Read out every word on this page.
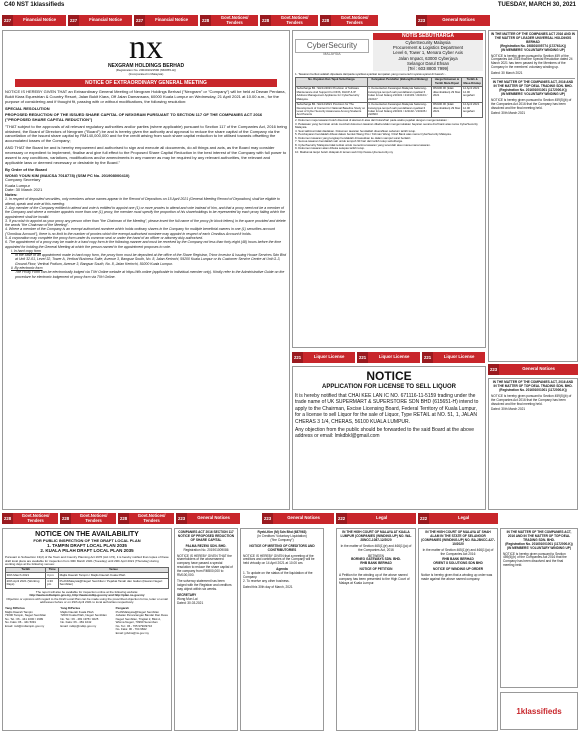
C40 NST 1klassifieds	TUESDAY, MARCH 30, 2021
227	Financial Notice	227	Financial Notice	227	Financial Notice	228
Govt.Notices/ Tenders	228
Govt.Notices/ Tenders	228
Govt.Notices/ Tenders	223	General Notices
nx
NEXGRAM HOLDINGS BERHAD
(Registration No. 200401021590 (660055-H))
(Incorporated in Malaysia)
NOTICE OF EXTRAORDINARY GENERAL MEETING
NOTICE IS HEREBY GIVEN THAT an Extraordinary General Meeting of Nexgram Holdings Berhad ("Nexgram" or "Company") will be held at Dewan Perdana, Bukit Kiara Equestrian & Country Resort, Jalan Bukit Kiara, Off Jalan Damansara, 60000 Kuala Lumpur on Wednesday, 21 April 2021 at 10.00 a.m., for the purpose of considering and if thought fit, passing with or without modifications, the following resolution:
SPECIAL RESOLUTION
PROPOSED REDUCTION OF THE ISSUED SHARE CAPITAL OF NEXGRAM PURSUANT TO SECTION 117 OF THE COMPANIES ACT 2016 ("PROPOSED SHARE CAPITAL REDUCTION")
"THAT subject to the approvals of all relevant regulatory authorities and/or parties (where applicable) pursuant to Section 117 of the Companies Act, 2016 being obtained, the Board of Directors of Nexgram ("Board") be and is hereby given the authority and approval to reduce the share capital of the Company via the cancellation of the issued share capital by RM140,000,000 and for the credit arising from such share capital reduction to be utilised towards offsetting the accumulated losses of the Company;
AND THAT the Board be and is hereby empowered and authorised to sign and execute all documents, do all things and acts, as the Board may consider necessary or expedient to implement, finalise and give full effect to the Proposed Share Capital Reduction in the best interest of the Company with full power to assent to any conditions, variations, modifications and/or amendments in any manner as may be required by any relevant authorities, the relevant and applicable laws or deemed necessary or desirable by the Board."
By Order of the Board
WONG YOUN KIM (MAICSA 7018778) (SSM PC No. 201908000410)
Company Secretary
Kuala Lumpur
Date: 30 March 2021
Notes:
1. In respect of deposited securities, only members whose names appear in the Record of Depositors on 15 April 2021 (General Meeting Record of Depositors) shall be eligible to attend, speak and vote at this meeting.
2. Any member of the Company entitled to attend and vote is entitled to appoint one (1) or more proxies to attend and vote instead of him, and that a proxy need not be a member of the Company and where a member appoints more than one (1) proxy, the member must specify the proportion of his shareholdings to be represented by each proxy failing which the appointment shall be invalid.
3. If you wish to appoint as your proxy any person other than "the Chairman of the Meeting", please insert the full name of the proxy (in block letters) in the space provided and delete the words "the Chairman of the Meeting".
4. Where a member of the Company is an exempt authorised nominee which holds ordinary shares in the Company for multiple beneficial owners in one (1) securities account ("Omnibus Account"), there is no limit to the number of proxies which the exempt authorised nominee may appoint in respect of each Omnibus Account it holds.
5. A corporation may complete the proxy form under its common seal or under the hand of an officer or attorney duly authorised.
6. The appointment of a proxy may be made in a hard copy form in the following manner and must be received by the Company not less than forty-eight (48) hours before the time appointed for holding the General Meeting at which the person named in the appointment proposes to vote.
i. In hard copy form
In the case of an appointment made in hard copy form, the proxy form must be deposited at the office of the Share Registrar, Tricor Investor & Issuing House Services Sdn Bhd at Unit 32-01, Level 32, Tower A, Vertical Business Suite, Avenue 3, Bangsar South, No. 8, Jalan Kerinchi, 59200 Kuala Lumpur or its Customer Service Centre at Unit G-3, Ground Floor, Vertical Podium, Avenue 3, Bangsar South, No. 8, Jalan Kerinchi, 59200 Kuala Lumpur.
ii. By electronic form
The Proxy Form can be electronically lodged via TIIH Online website at https://tiih.online (applicable to individual member only). Kindly refer to the Administrative Guide on the procedure for electronic lodgement of proxy form via TIIH Online.
CyberSecurity
MALAYSIA
NOTIS SEBUTHARGA
CyberSecurity Malaysia
Procurement & Logistics Department
Level 6, Tower 1, Menara Cyber Axis
Jalan Impact, 63000 Cyberjaya
Selangor Darul Ehsan
(Tel : 603 8800 7999)
1. Tawaran berikut adalah dipelawa daripada syarikat-syarikat tempatan yang memenuhi syarat-syarat di bawah :-
No. Rujukan Dan Tajuk Sebutharga	Kelayakan Pendaftar (Bidang/Kod Bidang)	Harga Dokumen & Tarikh Mula Dijual	Tarikh & Masa Ditutup
Sebutharga Bil.: SH/11/2021 Provision of Software Maintenance And Support For DNS, DHCP & IP Address Management Appliance for CyberSecurity Malaysia.	1. Kementerian Kewangan Malaysia Sekurang-kurangnya tempoh sah pendaftaran syarikat 6 bulan & kod bidang 210101 / 210103 / 210104 / 210107	RM100.00 (tidak dikembalikan) 29 Mac 2021	12 April 2021 12.00 tengahari
Sebutharga Bil.: SH/12/2021 Provision for The Development of Content for National Baseline Study on Level of Cyber Security Awareness Among Students And Parents	1. Kementerian Kewangan Malaysia Sekurang-kurangnya tempoh sah pendaftaran syarikat 6 bulan & kod bidang 220101 / 221102 / 210106 / 222603	RM100.00 (tidak dikembalikan) 29 Mac 2021	12 April 2021 12.00 tengahari
2. Dokumen meja tawaran boleh disemak di alamat di atas dari bulan/hari pada waktu pejabat dengan mengemukakan :
3. Pelawaan yang berminat untuk membeli dokumen tawaran dikehendaki mengemukakan bayaran secara draf bank atas nama CyberSecurity Malaysia.
4. Sesi taklimat tidak diadakan. Dokumen tawaran hendaklah diserahkan sebelum tarikh tutup.
5. Pembayaran hendaklah dibuat dalam bentuk Wang Pos / Kiriman Wang / Draf Bank atas nama CyberSecurity Malaysia.
6. Dokumen tawaran yang lengkap hendaklah dimasukkan ke dalam sampul surat berlakri.
7. Semua tawaran hendaklah sah untuk tempoh 90 hari dari tarikh tutup sebutharga.
8. CyberSecurity Malaysia tidak terikat untuk menerima tawaran yang terendah atau mana-mana tawaran.
9. Dokumen tawaran akan dibuka selepas tarikh tutup.
10. Maklumat lanjut boleh didapati di laman web http://www.cybersecurity.my
IN THE MATTER OF THE COMPANIES ACT 2016 AND IN THE MATTER OF LEADER UNIVERSAL HOLDINGS BERHAD
(Registration No. 198801005774 (172763-K))
(IN MEMBERS' VOLUNTARY WINDING UP)
NOTICE is hereby given pursuant to Section 459 of the Companies Act 2016 that the Special Resolution dated 24 March 2021 has been passed by the Members of the Company in the members' voluntary winding up.
Dated: 30 March 2021
IN THE MATTER OF THE COMPANIES ACT, 2016 AND IN THE MATTER OF TOP DEAL TRADING SDN. BHD.
(Registration No. 201601001001 (1172000-K))
(IN MEMBERS' VOLUNTARY WINDING UP)
NOTICE is hereby given pursuant to Section 459(5)(b) of the Companies Act 2016 that the Company has been dissolved and the final meeting held.
Dated: 30th March 2021
221	Liquor License	221	Liquor License	221	Liquor License
NOTICE
APPLICATION FOR LICENSE TO SELL LIQUOR
It is hereby notified that CHAI KEE LAN IC NO. 671116-11-5159 trading under the trade name of UK SUPERMART & SUPERSTORE SDN BHD (615651-H) intend to apply to the Chairman, Excise Licensing Board, Federal Territory of Kuala Lumpur, for a license to sell Liquor for the sale of Liquor, Type RETAIL at NO. 51, 1, JALAN CHERAS 3 1/4, CHERAS, 56100 KUALA LUMPUR.
Any objection from the public should be forwarded to the said Board at the above address or email: lmkdbkl@gmail.com
223	General Notices
IN THE MATTER OF THE COMPANIES ACT, 2016 AND IN THE MATTER OF TOP DEAL TRADING SDN. BHD.
(Registration No. 201601001001 (1172000-K))
NOTICE is hereby given pursuant to Section 459(5)(b) of the Companies Act 2016 that the Company has been dissolved and the final meeting held.
Dated: 30th March 2021
228
Govt.Notices/ Tenders	228
Govt.Notices/ Tenders	228
Govt.Notices/ Tenders	223	General Notices	223	General Notices	222	Legal	222	Legal
NOTICE ON THE AVAILABILITY
FOR PUBLIC INSPECTION OF THE DRAFT LOCAL PLAN
1. TAMPIN DRAFT LOCAL PLAN 2035
2. KUALA PILAH DRAFT LOCAL PLAN 2035
Pursuant to Subsection 13(2) of the Town and Country Planning Act 1976 (Act 172), it is hereby notified that copies of these draft local plans are available for inspection from 30th March 2021 (Tuesday) until 29th April 2021 (Thursday) during working days at the following venues:
Tarikh	Time	Venue
30th March 2021	3 pm	Majlis Daerah Tampin / Majlis Daerah Kuala Pilah
20th April 2021 (Working Days)	4.30 pm	PLANMalaysia@Negeri Sembilan / Pejabat Tanah dan Galian (Dewan Negeri Sembilan)
The report will also be available for inspection online at the following website:
http://www.mdtampin.gov.my, http://www.mdkp.gov.my and http://plan.ns.gov.my
Objection or opinions with regard to the Draft Local Plan can be made using the prescribed objection forms, letter or email addresses before or on 29th April 2021 to local authorities respectively.
Yang DiPertua
Majlis Daerah Tampin
73000 Tampin, Negeri Sembilan
No. Tel.: 06 - 441 1000 / 1999
No. Faks: 06 - 441 5091
Email: mdt@mdtampin.gov.my
Yang DiPertua
Majlis Daerah Kuala Pilah
72000 Kuala Pilah, Negeri Sembilan
No. Tel.: 06 - 481 1978 / 4025
No. Faks: 06 - 481 1042
Email: mdkp@mdkp.gov.my
Pengarah
PLANMalaysia@Negeri Sembilan
Jabatan Perancangan Bandar Dan Desa Negeri Sembilan, Tingkat 2, Blok A, Wisma Negeri, 70990 Seremban
No. Tel.: 06 - 765 9790/9716
No. Faks: 06 - 764 9822
Email: jpbdns@ns.gov.my
COMPANIES ACT 2016 SECTION 117 NOTICE OF PROPOSED REDUCTION OF SHARE CAPITAL
PALMA REZEKI SDN. BHD.
Registration No. 201901009086
NOTICE IS HEREBY GIVEN THAT the shareholders of the abovenamed company have passed a special resolution to reduce the share capital of the company from RM500,000 to RM100,000.
The solvency statement has been lodged with the Registrar and creditors may object within six weeks.
SECRETARY
Wong Mun Lai
Dated: 30.03.2021
Ryeki-Kim (M) Sdn Bhd (687963)
(In Creditors' Voluntary Liquidation)
("the Company")
NOTICE OF MEETING OF CREDITORS AND CONTRIBUTORIES
NOTICE IS HEREBY GIVEN that a meeting of the creditors and contributories of the Company will be held virtually on 14 April 2021 at 10.00 am.
Agenda
1. To update on the status of the liquidation of the Company.
2. To receive any other business.
Dated this 30th day of March, 2021
IN THE HIGH COURT OF MALAYA AT KUALA LUMPUR (COMPANIES (WINDING-UP) NO. WA-28NCC-1087-12/2020
In the matter of Section 465(1)(e) and 466(1)(a) of the Companies Act, 2016
BETWEEN
BORNEO GATEWAYS SDN. BHD.
RHB BANK BERHAD
NOTICE OF PETITION
A Petition for the winding up of the above named company has been presented to the High Court of Malaya at Kuala Lumpur.
IN THE HIGH COURT OF MALAYA AT SHAH ALAM IN THE STATE OF SELANGOR (COMPANIES (WINDING-UP) NO. BA-28NCC-427-10/2020
In the matter of Section 465(1)(e) and 466(1)(a) of the Companies Act 2016
RHB BANK BERHAD
ORIENT 8 SOLUTIONS SDN BHD
NOTICE OF WINDING UP ORDER
Notice is hereby given that a winding up order was made against the above named company.
IN THE MATTER OF THE COMPANIES ACT, 2016 AND IN THE MATTER OF TOP DEAL TRADING SDN. BHD.
(Registration No. 201601001001 (1172000-K))
(IN MEMBERS' VOLUNTARY WINDING UP)
NOTICE is hereby given pursuant to Section 459(5)(b) of the Companies Act 2016 that the Company has been dissolved and the final meeting held.
1klassifieds
